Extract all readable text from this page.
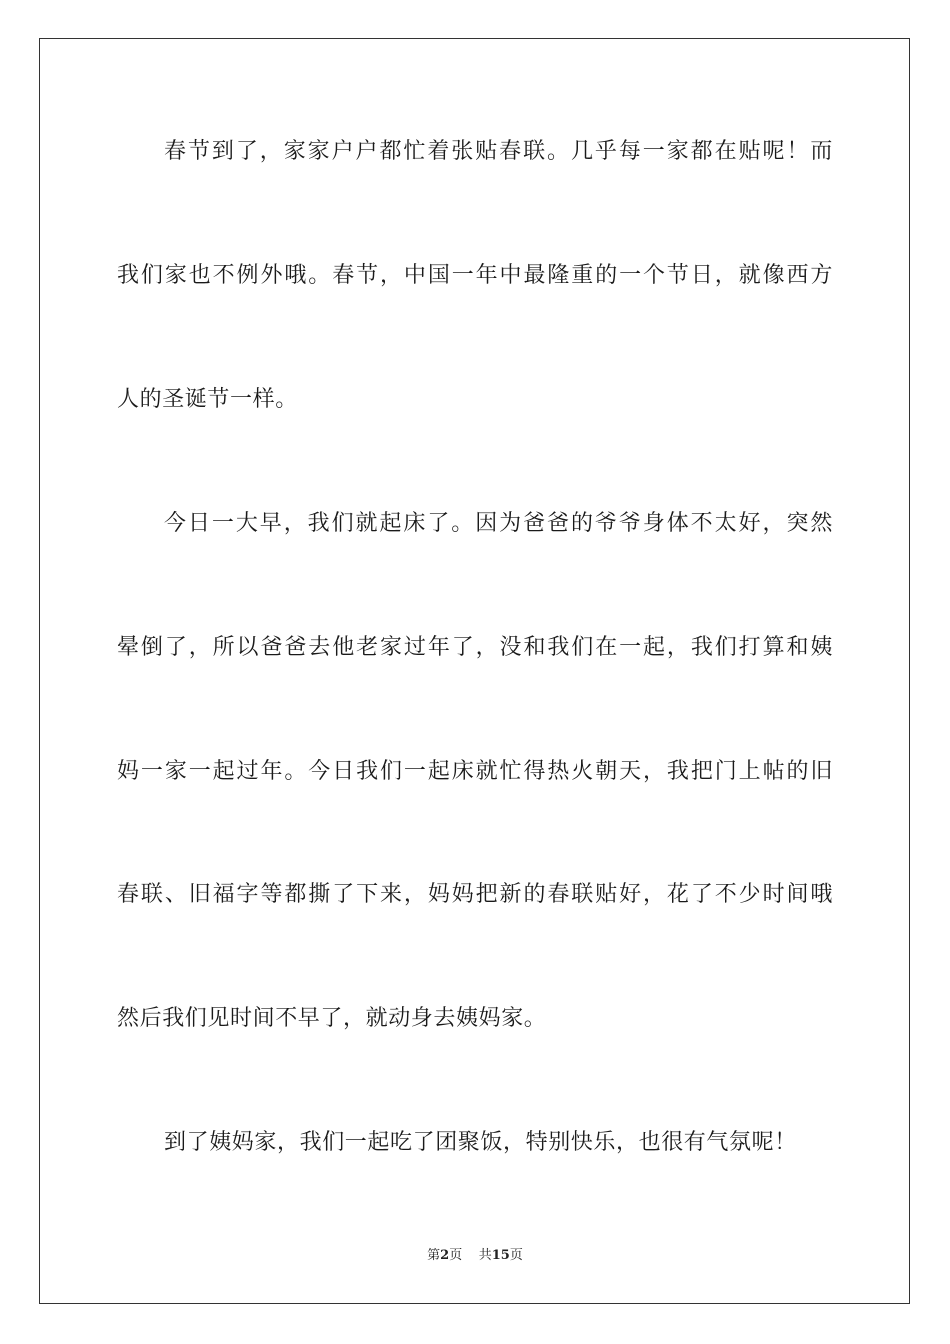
春节到了，家家户户都忙着张贴春联。几乎每一家都在贴呢！而
我们家也不例外哦。春节，中国一年中最隆重的一个节日，就像西方
人的圣诞节一样。
今日一大早，我们就起床了。因为爸爸的爷爷身体不太好，突然
晕倒了，所以爸爸去他老家过年了，没和我们在一起，我们打算和姨
妈一家一起过年。今日我们一起床就忙得热火朝天，我把门上帖的旧
春联、旧福字等都撕了下来，妈妈把新的春联贴好，花了不少时间哦
然后我们见时间不早了，就动身去姨妈家。
到了姨妈家，我们一起吃了团聚饭，特别快乐，也很有气氛呢！
第2页 共15页
